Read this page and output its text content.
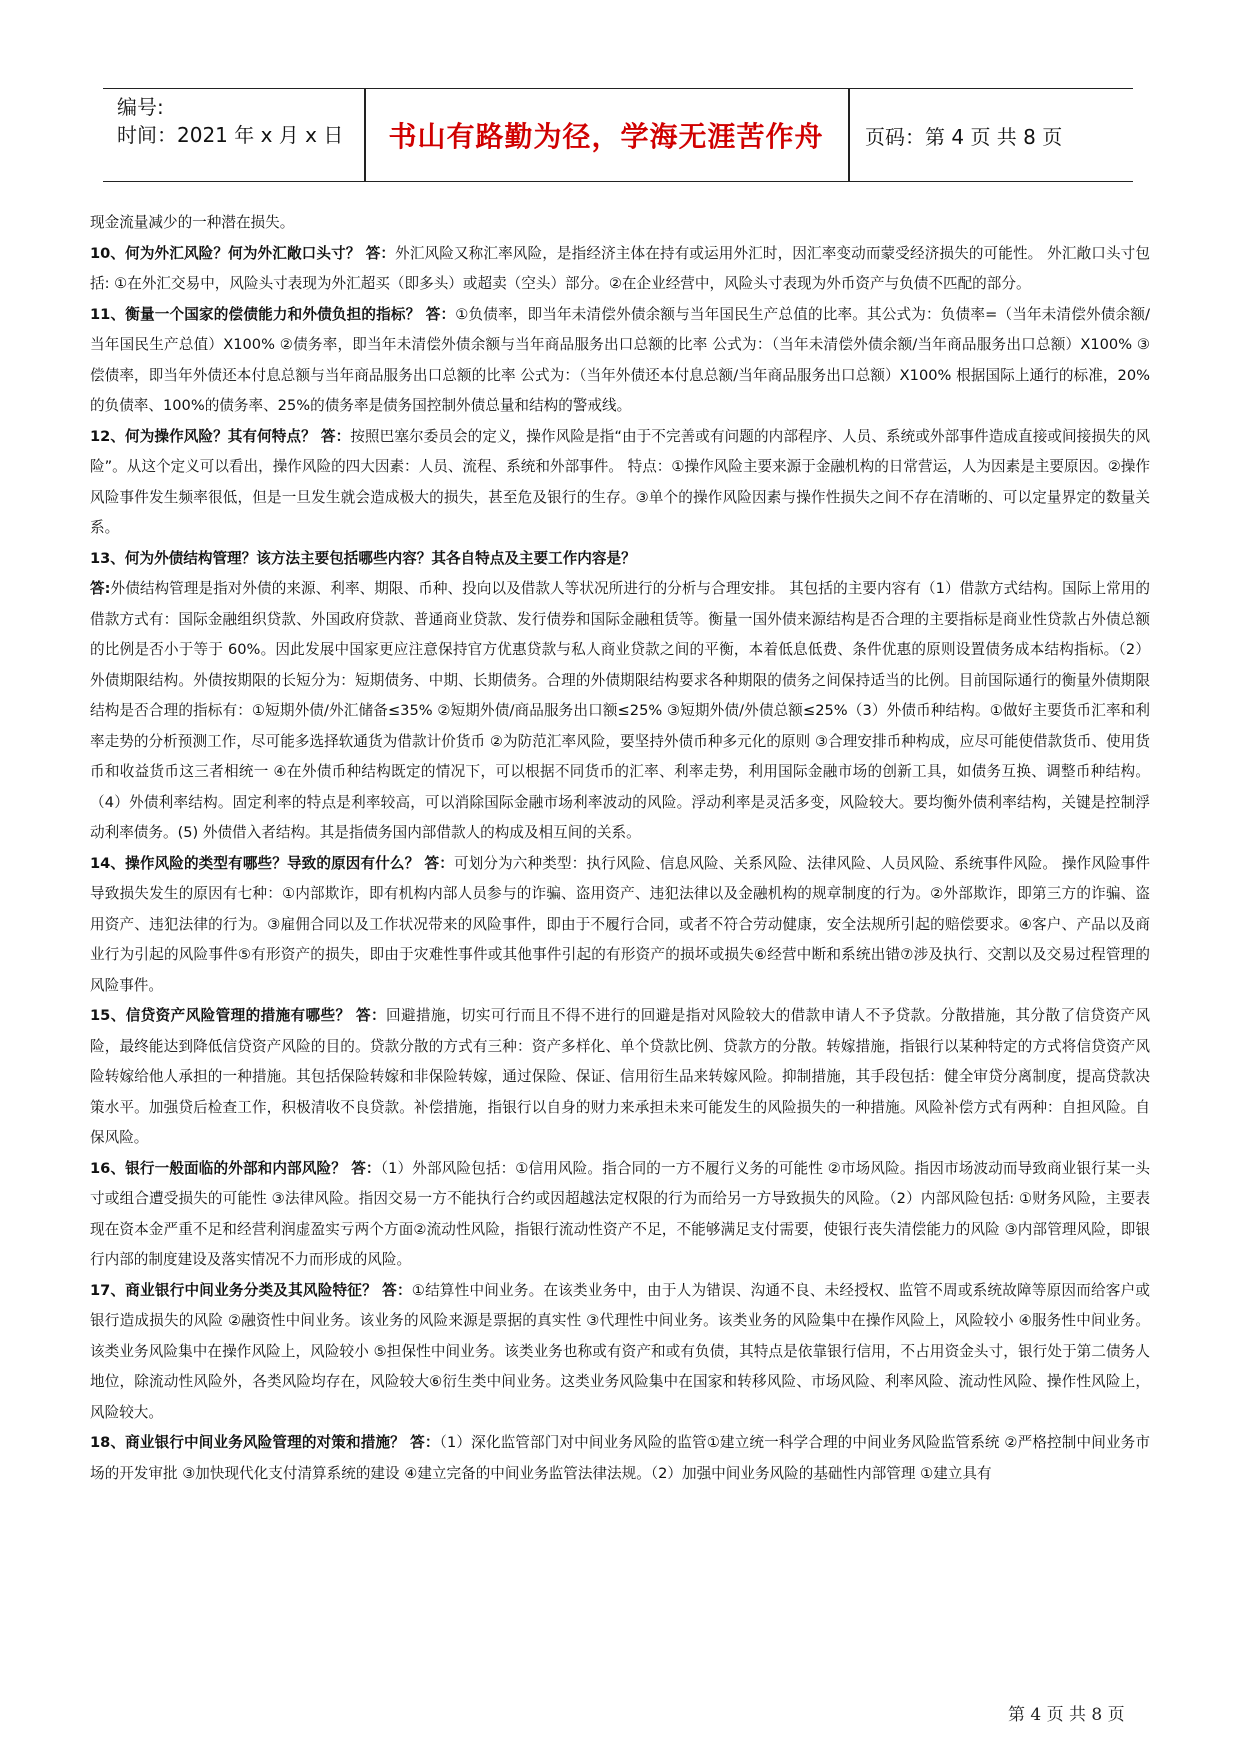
编号:
时间：2021 年 x 月 x 日	书山有路勤为径，学海无涯苦作舟	页码：第 4 页 共 8 页

现金流量减少的一种潜在损失。

10、何为外汇风险？何为外汇敞口头寸？ 答：外汇风险又称汇率风险，是指经济主体在持有或运用外汇时，因汇率变动而蒙受经济损失的可能性。 外汇敞口头寸包括: ①在外汇交易中，风险头寸表现为外汇超买（即多头）或超卖（空头）部分。②在企业经营中，风险头寸表现为外币资产与负债不匹配的部分。

11、衡量一个国家的偿债能力和外债负担的指标？ 答：①负债率，即当年未清偿外债余额与当年国民生产总值的比率。其公式为：负债率=（当年未清偿外债余额/当年国民生产总值）X100% ②债务率，即当年未清偿外债余额与当年商品服务出口总额的比率 公式为：（当年未清偿外债余额/当年商品服务出口总额）X100% ③偿债率，即当年外债还本付息总额与当年商品服务出口总额的比率 公式为：（当年外债还本付息总额/当年商品服务出口总额）X100% 根据国际上通行的标准，20%的负债率、100%的债务率、25%的债务率是债务国控制外债总量和结构的警戒线。

12、何为操作风险？其有何特点？ 答：按照巴塞尔委员会的定义，操作风险是指“由于不完善或有问题的内部程序、人员、系统或外部事件造成直接或间接损失的风险”。从这个定义可以看出，操作风险的四大因素：人员、流程、系统和外部事件。 特点：①操作风险主要来源于金融机构的日常营运，人为因素是主要原因。②操作风险事件发生频率很低，但是一旦发生就会造成极大的损失，甚至危及银行的生存。③单个的操作风险因素与操作性损失之间不存在清晰的、可以定量界定的数量关系。

13、何为外债结构管理？该方法主要包括哪些内容？其各自特点及主要工作内容是？

答:外债结构管理是指对外债的来源、利率、期限、币种、投向以及借款人等状况所进行的分析与合理安排。 其包括的主要内容有（1）借款方式结构。国际上常用的借款方式有：国际金融组织贷款、外国政府贷款、普通商业贷款、发行债券和国际金融租赁等。衡量一国外债来源结构是否合理的主要指标是商业性贷款占外债总额的比例是否小于等于 60%。因此发展中国家更应注意保持官方优惠贷款与私人商业贷款之间的平衡，本着低息低费、条件优惠的原则设置债务成本结构指标。（2）外债期限结构。外债按期限的长短分为：短期债务、中期、长期债务。合理的外债期限结构要求各种期限的债务之间保持适当的比例。目前国际通行的衡量外债期限结构是否合理的指标有：①短期外债/外汇储备≤35% ②短期外债/商品服务出口额≤25% ③短期外债/外债总额≤25%（3）外债币种结构。①做好主要货币汇率和利率走势的分析预测工作，尽可能多选择软通货为借款计价货币 ②为防范汇率风险，要坚持外债币种多元化的原则 ③合理安排币种构成，应尽可能使借款货币、使用货币和收益货币这三者相统一 ④在外债币种结构既定的情况下，可以根据不同货币的汇率、利率走势，利用国际金融市场的创新工具，如债务互换、调整币种结构。 （4）外债利率结构。固定利率的特点是利率较高，可以消除国际金融市场利率波动的风险。浮动利率是灵活多变，风险较大。要均衡外债利率结构，关键是控制浮动利率债务。(5) 外债借入者结构。其是指债务国内部借款人的构成及相互间的关系。

14、操作风险的类型有哪些？导致的原因有什么？ 答：可划分为六种类型：执行风险、信息风险、关系风险、法律风险、人员风险、系统事件风险。 操作风险事件导致损失发生的原因有七种：①内部欺诈，即有机构内部人员参与的诈骗、盗用资产、违犯法律以及金融机构的规章制度的行为。②外部欺诈，即第三方的诈骗、盗用资产、违犯法律的行为。③雇佣合同以及工作状况带来的风险事件，即由于不履行合同，或者不符合劳动健康，安全法规所引起的赔偿要求。④客户、产品以及商业行为引起的风险事件⑤有形资产的损失，即由于灾难性事件或其他事件引起的有形资产的损坏或损失⑥经营中断和系统出错⑦涉及执行、交割以及交易过程管理的风险事件。

15、信贷资产风险管理的措施有哪些？ 答：回避措施，切实可行而且不得不进行的回避是指对风险较大的借款申请人不予贷款。分散措施，其分散了信贷资产风险，最终能达到降低信贷资产风险的目的。贷款分散的方式有三种：资产多样化、单个贷款比例、贷款方的分散。转嫁措施，指银行以某种特定的方式将信贷资产风险转嫁给他人承担的一种措施。其包括保险转嫁和非保险转嫁，通过保险、保证、信用衍生品来转嫁风险。抑制措施，其手段包括：健全审贷分离制度，提高贷款决策水平。加强贷后检查工作，积极清收不良贷款。补偿措施，指银行以自身的财力来承担未来可能发生的风险损失的一种措施。风险补偿方式有两种：自担风险。自保风险。

16、银行一般面临的外部和内部风险？ 答：（1）外部风险包括：①信用风险。指合同的一方不履行义务的可能性 ②市场风险。指因市场波动而导致商业银行某一头寸或组合遭受损失的可能性 ③法律风险。指因交易一方不能执行合约或因超越法定权限的行为而给另一方导致损失的风险。（2）内部风险包括: ①财务风险，主要表现在资本金严重不足和经营利润虚盈实亏两个方面②流动性风险，指银行流动性资产不足，不能够满足支付需要，使银行丧失清偿能力的风险 ③内部管理风险，即银行内部的制度建设及落实情况不力而形成的风险。

17、商业银行中间业务分类及其风险特征？ 答：①结算性中间业务。在该类业务中，由于人为错误、沟通不良、未经授权、监管不周或系统故障等原因而给客户或银行造成损失的风险 ②融资性中间业务。该业务的风险来源是票据的真实性 ③代理性中间业务。该类业务的风险集中在操作风险上，风险较小 ④服务性中间业务。该类业务风险集中在操作风险上，风险较小 ⑤担保性中间业务。该类业务也称或有资产和或有负债，其特点是依靠银行信用，不占用资金头寸，银行处于第二债务人地位，除流动性风险外，各类风险均存在，风险较大⑥衍生类中间业务。这类业务风险集中在国家和转移风险、市场风险、利率风险、流动性风险、操作性风险上，风险较大。

18、商业银行中间业务风险管理的对策和措施？ 答：（1）深化监管部门对中间业务风险的监管①建立统一科学合理的中间业务风险监管系统 ②严格控制中间业务市场的开发审批 ③加快现代化支付清算系统的建设 ④建立完备的中间业务监管法律法规。（2）加强中间业务风险的基础性内部管理 ①建立具有

第 4 页 共 8 页
